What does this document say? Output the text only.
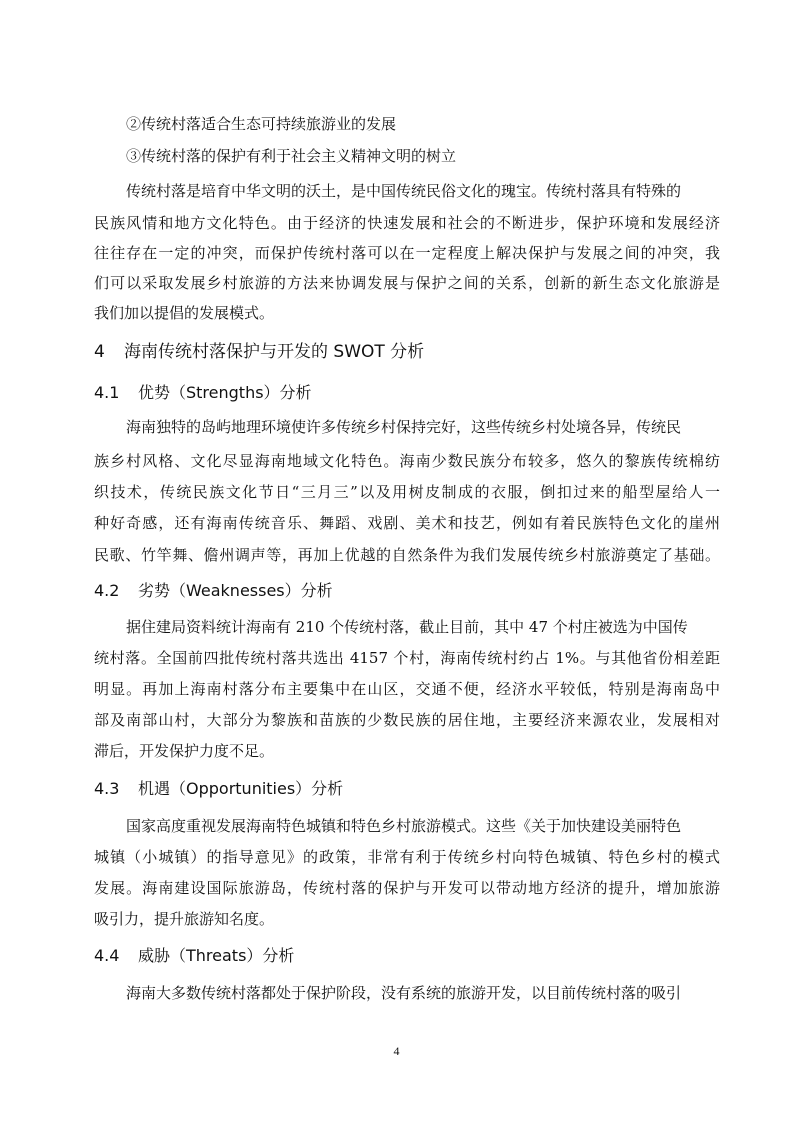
②传统村落适合生态可持续旅游业的发展
③传统村落的保护有利于社会主义精神文明的树立
传统村落是培育中华文明的沃土，是中国传统民俗文化的瑰宝。传统村落具有特殊的
民族风情和地方文化特色。由于经济的快速发展和社会的不断进步，保护环境和发展经济
往往存在一定的冲突，而保护传统村落可以在一定程度上解决保护与发展之间的冲突，我
们可以采取发展乡村旅游的方法来协调发展与保护之间的关系，创新的新生态文化旅游是
我们加以提倡的发展模式。
4 海南传统村落保护与开发的 SWOT 分析
4.1 优势（Strengths）分析
海南独特的岛屿地理环境使许多传统乡村保持完好，这些传统乡村处境各异，传统民
族乡村风格、文化尽显海南地域文化特色。海南少数民族分布较多，悠久的黎族传统棉纺
织技术，传统民族文化节日“三月三”以及用树皮制成的衣服，倒扣过来的船型屋给人一
种好奇感，还有海南传统音乐、舞蹈、戏剧、美术和技艺，例如有着民族特色文化的崖州
民歌、竹竿舞、儋州调声等，再加上优越的自然条件为我们发展传统乡村旅游奠定了基础。
4.2 劣势（Weaknesses）分析
据住建局资料统计海南有 210 个传统村落，截止目前，其中 47 个村庄被选为中国传
统村落。全国前四批传统村落共选出 4157 个村，海南传统村约占 1%。与其他省份相差距
明显。再加上海南村落分布主要集中在山区，交通不便，经济水平较低，特别是海南岛中
部及南部山村，大部分为黎族和苗族的少数民族的居住地，主要经济来源农业，发展相对
滞后，开发保护力度不足。
4.3 机遇（Opportunities）分析
国家高度重视发展海南特色城镇和特色乡村旅游模式。这些《关于加快建设美丽特色
城镇（小城镇）的指导意见》的政策，非常有利于传统乡村向特色城镇、特色乡村的模式
发展。海南建设国际旅游岛，传统村落的保护与开发可以带动地方经济的提升，增加旅游
吸引力，提升旅游知名度。
4.4 威胁（Threats）分析
海南大多数传统村落都处于保护阶段，没有系统的旅游开发，以目前传统村落的吸引
4
